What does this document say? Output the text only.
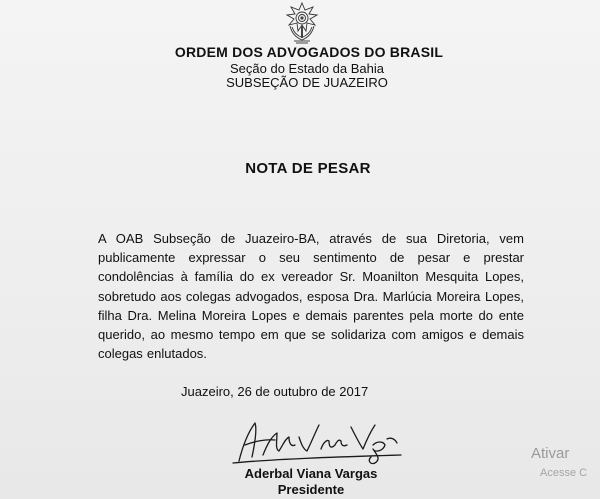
ORDEM DOS ADVOGADOS DO BRASIL
Seção do Estado da Bahia
SUBSEÇÃO DE JUAZEIRO
NOTA DE PESAR
A OAB Subseção de Juazeiro-BA, através de sua Diretoria, vem publicamente expressar o seu sentimento de pesar e prestar condolências à família do ex vereador Sr. Moanilton Mesquita Lopes, sobretudo aos colegas advogados, esposa Dra. Marlúcia Moreira Lopes, filha Dra. Melina Moreira Lopes e demais parentes pela morte do ente querido, ao mesmo tempo em que se solidariza com amigos e demais colegas enlutados.
Juazeiro, 26 de outubro de 2017
Aderbal Viana Vargas
Presidente
Ativar
Acesse C
